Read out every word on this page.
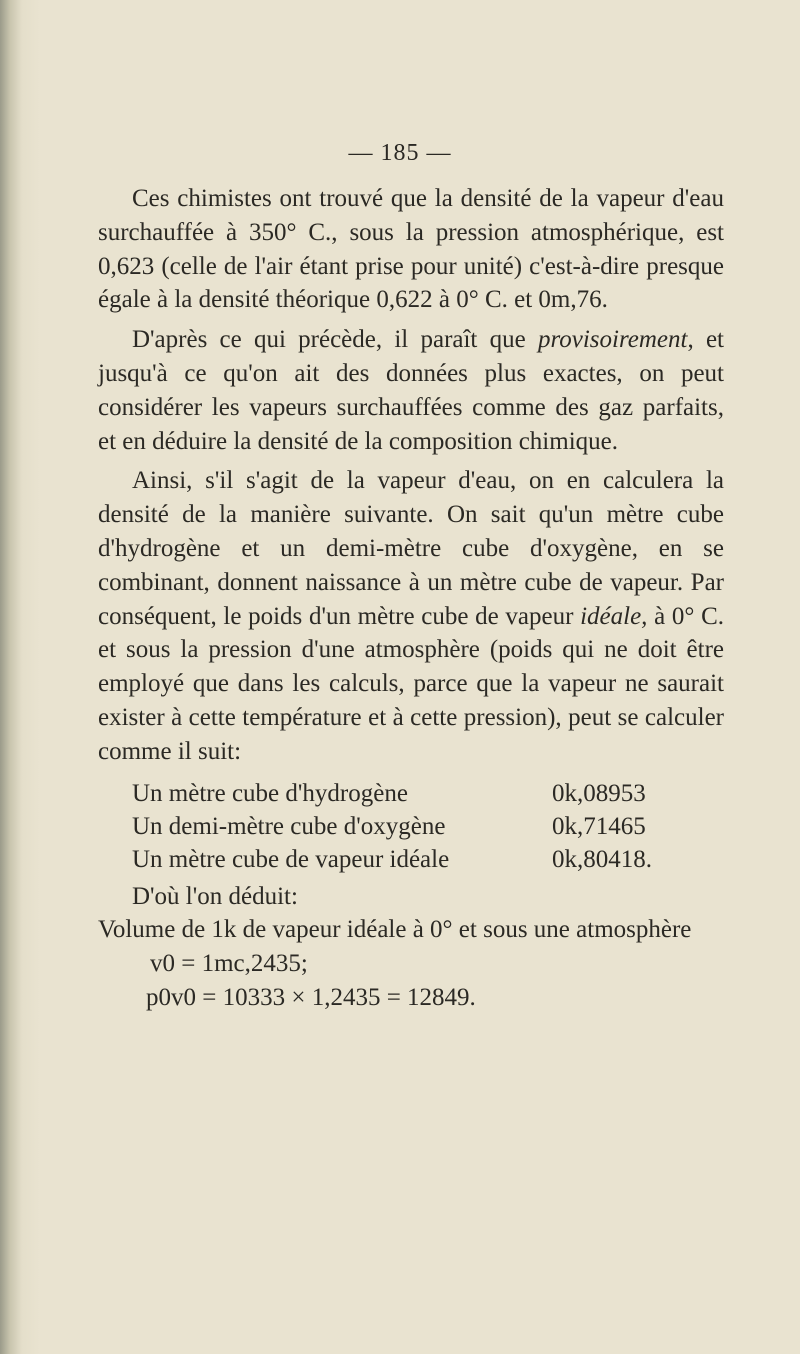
— 185 —

Ces chimistes ont trouvé que la densité de la vapeur d'eau surchauffée à 350° C., sous la pression atmosphérique, est 0,623 (celle de l'air étant prise pour unité) c'est-à-dire presque égale à la densité théorique 0,622 à 0° C. et 0m,76.

D'après ce qui précède, il paraît que provisoirement, et jusqu'à ce qu'on ait des données plus exactes, on peut considérer les vapeurs surchauffées comme des gaz parfaits, et en déduire la densité de la composition chimique.

Ainsi, s'il s'agit de la vapeur d'eau, on en calculera la densité de la manière suivante. On sait qu'un mètre cube d'hydrogène et un demi-mètre cube d'oxygène, en se combinant, donnent naissance à un mètre cube de vapeur. Par conséquent, le poids d'un mètre cube de vapeur idéale, à 0° C. et sous la pression d'une atmosphère (poids qui ne doit être employé que dans les calculs, parce que la vapeur ne saurait exister à cette température et à cette pression), peut se calculer comme il suit:

Un mètre cube d'hydrogène	0k,08953
Un demi-mètre cube d'oxygène	0k,71465
Un mètre cube de vapeur idéale	0k,80418.

D'où l'on déduit:

Volume de 1k de vapeur idéale à 0° et sous une atmosphère

v0 = 1mc,2435;

p0v0 = 10333 × 1,2435 = 12849.
